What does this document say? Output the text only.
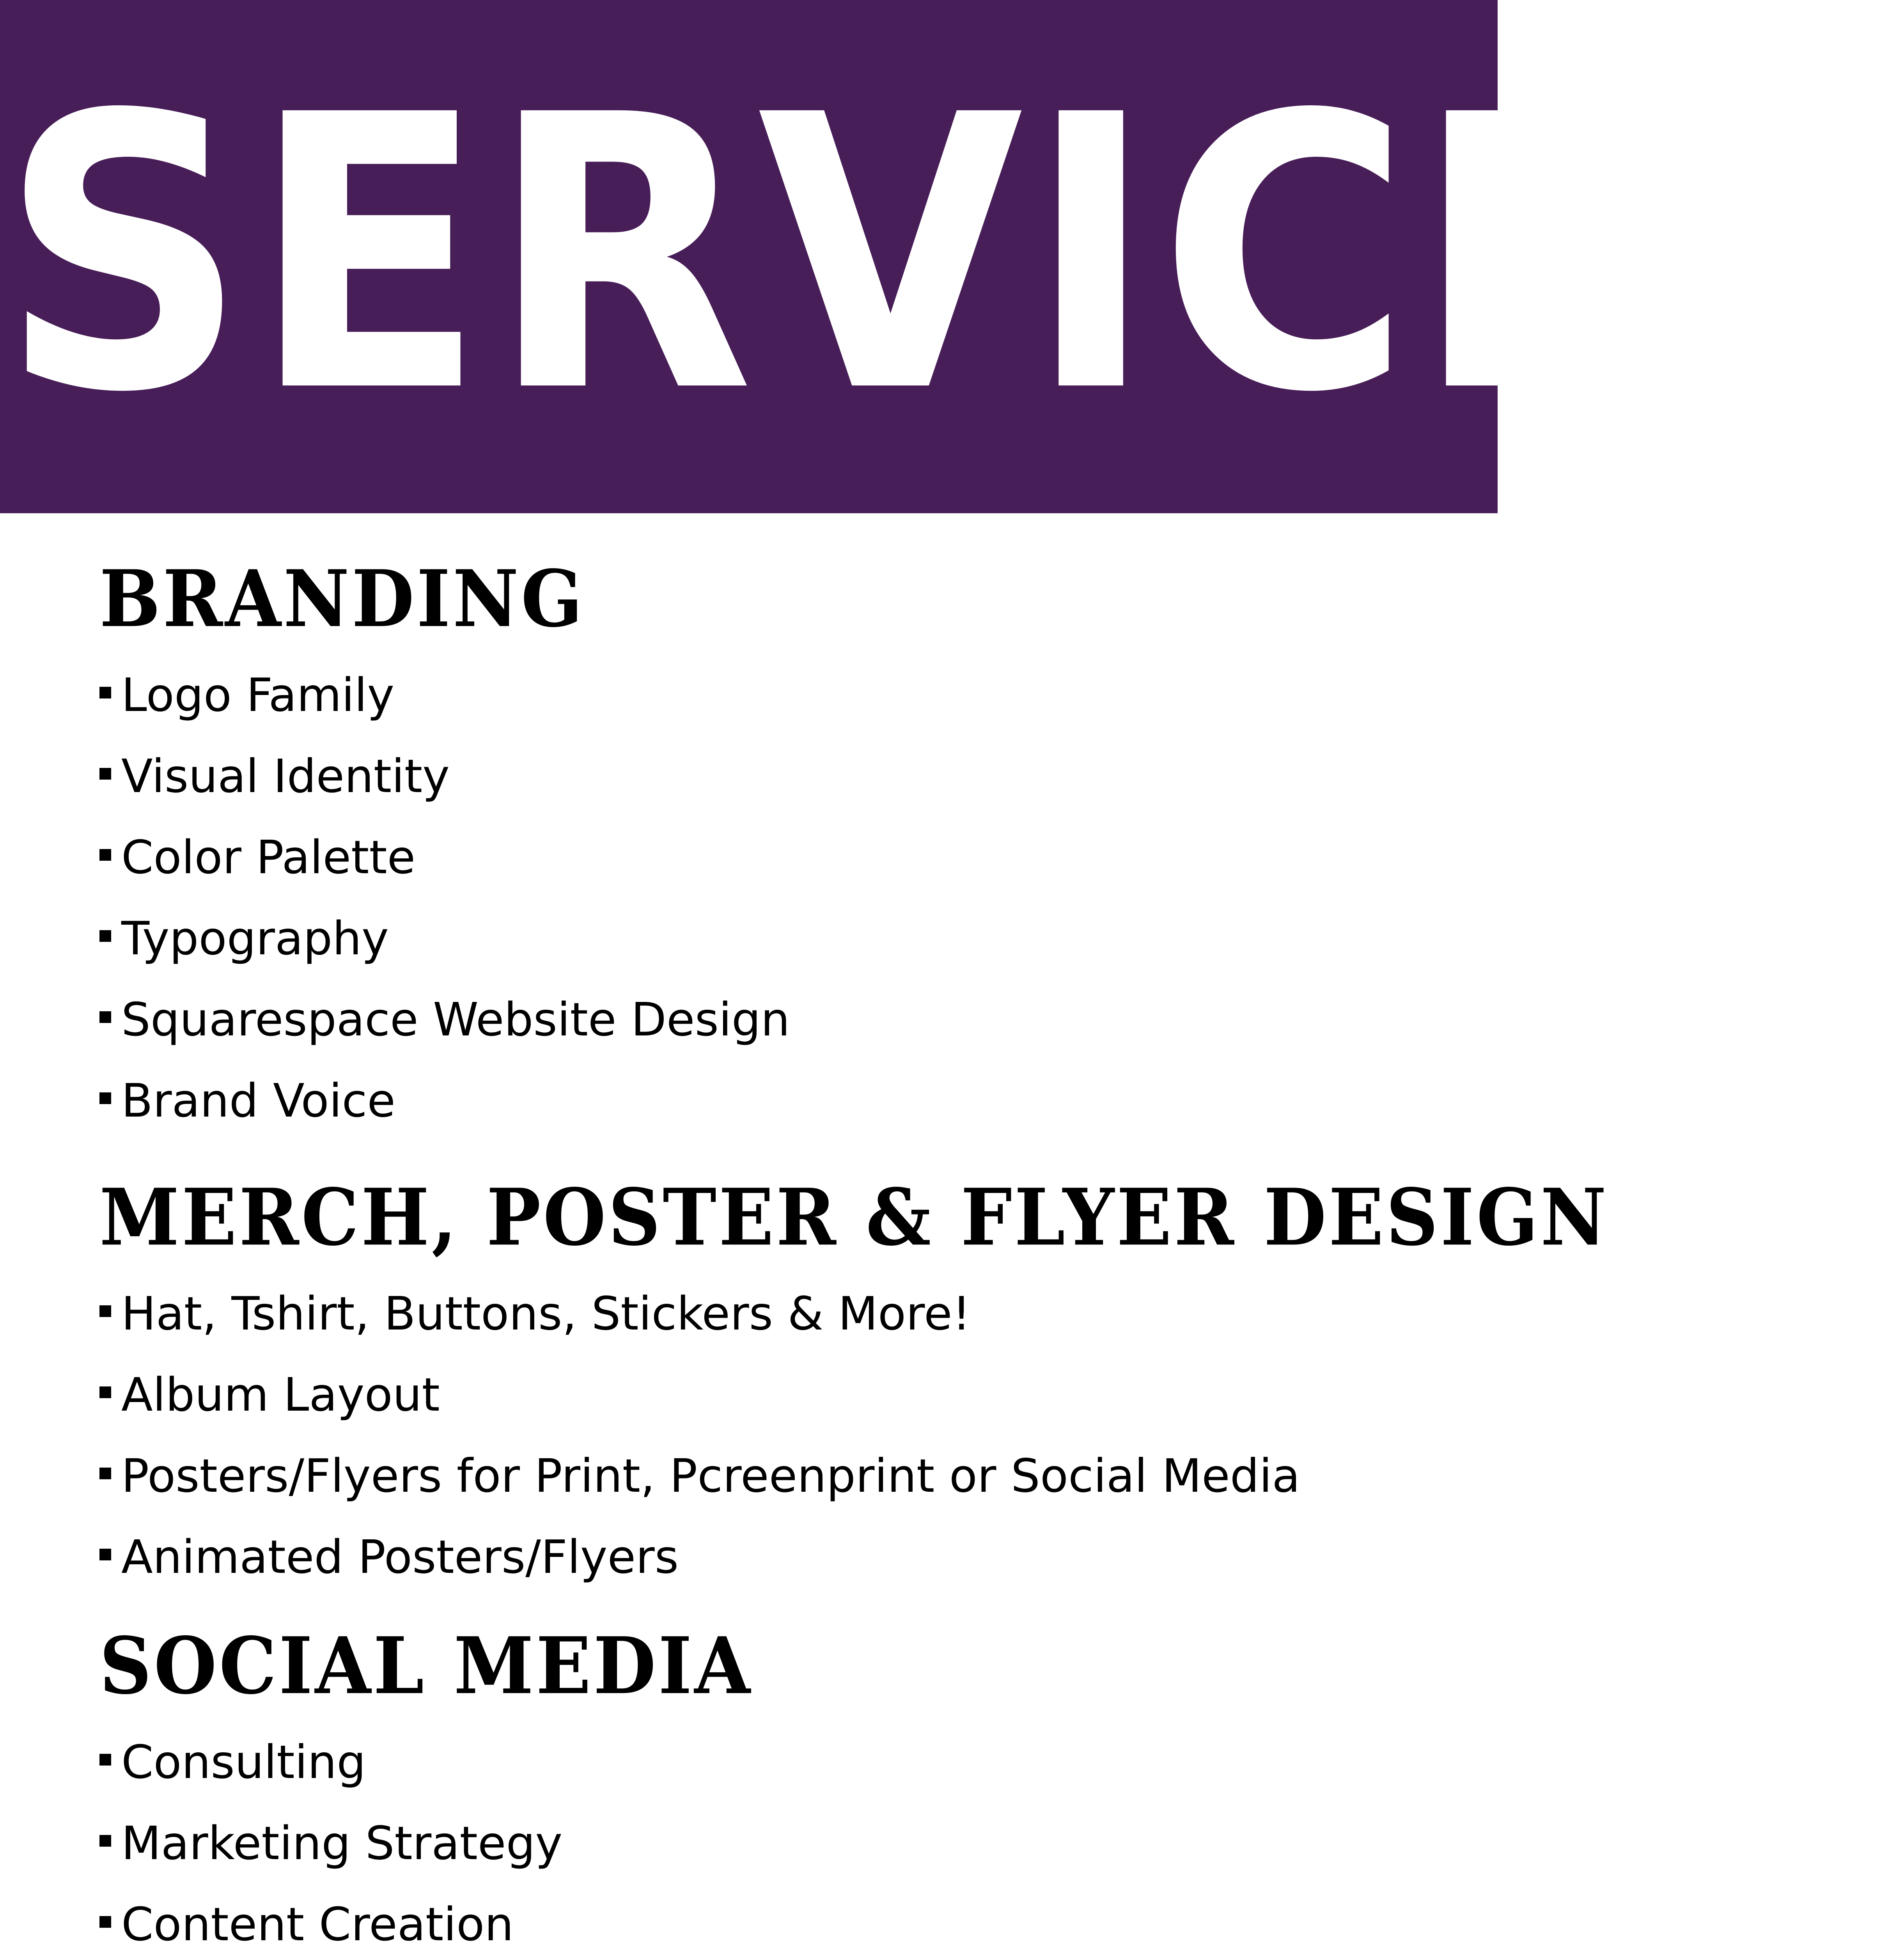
SERVICES
BRANDING
Logo Family
Visual Identity
Color Palette
Typography
Squarespace Website Design
Brand Voice
MERCH, POSTER & FLYER DESIGN
Hat, Tshirt, Buttons, Stickers & More!
Album Layout
Posters/Flyers for Print, Pcreenprint or Social Media
Animated Posters/Flyers
SOCIAL MEDIA
Consulting
Marketing Strategy
Content Creation
